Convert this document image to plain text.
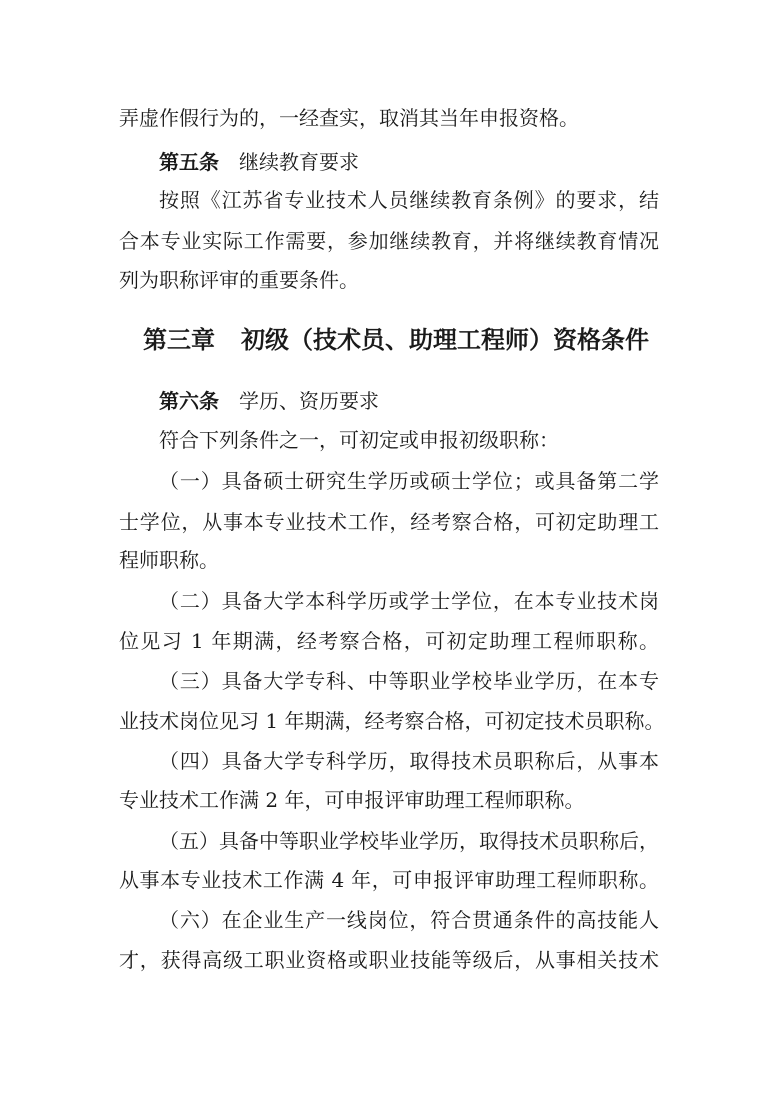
弄虚作假行为的，一经查实，取消其当年申报资格。
第五条 继续教育要求
按照《江苏省专业技术人员继续教育条例》的要求，结
合本专业实际工作需要，参加继续教育，并将继续教育情况
列为职称评审的重要条件。
第三章 初级（技术员、助理工程师）资格条件
第六条 学历、资历要求
符合下列条件之一，可初定或申报初级职称：
（一）具备硕士研究生学历或硕士学位；或具备第二学
士学位，从事本专业技术工作，经考察合格，可初定助理工
程师职称。
（二）具备大学本科学历或学士学位，在本专业技术岗
位见习 1 年期满，经考察合格，可初定助理工程师职称。
（三）具备大学专科、中等职业学校毕业学历，在本专
业技术岗位见习 1 年期满，经考察合格，可初定技术员职称。
（四）具备大学专科学历，取得技术员职称后，从事本
专业技术工作满 2 年，可申报评审助理工程师职称。
（五）具备中等职业学校毕业学历，取得技术员职称后，
从事本专业技术工作满 4 年，可申报评审助理工程师职称。
（六）在企业生产一线岗位，符合贯通条件的高技能人
才，获得高级工职业资格或职业技能等级后，从事相关技术
